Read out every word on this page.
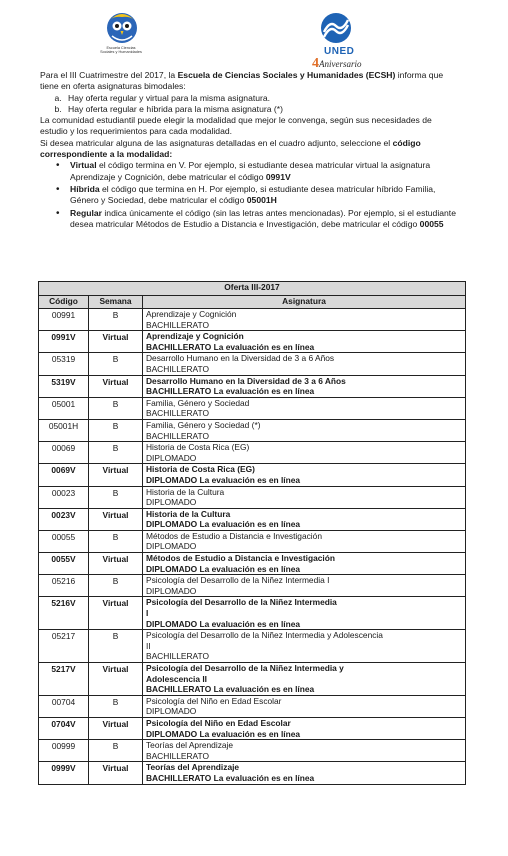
Escuela Ciencias
Sociales y Humanidades	UNED
4Aniversario

Para el III Cuatrimestre del 2017, la Escuela de Ciencias Sociales y Humanidades (ECSH) informa que tiene en oferta asignaturas bimodales:

a. Hay oferta regular y virtual para la misma asignatura.
b. Hay oferta regular e híbrida para la misma asignatura (*)

La comunidad estudiantil puede elegir la modalidad que mejor le convenga, según sus necesidades de estudio y los requerimientos para cada modalidad.

Si desea matricular alguna de las asignaturas detalladas en el cuadro adjunto, seleccione el código correspondiente a la modalidad:

• Virtual el código termina en V. Por ejemplo, si estudiante desea matricular virtual la asignatura Aprendizaje y Cognición, debe matricular el código 0991V
• Híbrida el código que termina en H. Por ejemplo, si estudiante desea matricular híbrido Familia, Género y Sociedad, debe matricular el código 05001H
• Regular indica únicamente el código (sin las letras antes mencionadas). Por ejemplo, si el estudiante desea matricular Métodos de Estudio a Distancia e Investigación, debe matricular el código 00055
Oferta III-2017		
Código	Semana	Asignatura
00991	B	Aprendizaje y Cognición
BACHILLERATO

0991V	Virtual	Aprendizaje y Cognición
BACHILLERATO La evaluación es en línea

05319	B	Desarrollo Humano en la Diversidad de 3 a 6 Años
BACHILLERATO

5319V	Virtual	Desarrollo Humano en la Diversidad de 3 a 6 Años
BACHILLERATO La evaluación es en línea

05001	B	Familia, Género y Sociedad
BACHILLERATO

05001H	B	Familia, Género y Sociedad (*)
BACHILLERATO

00069	B	Historia de Costa Rica (EG)
DIPLOMADO

0069V	Virtual	Historia de Costa Rica (EG)
DIPLOMADO La evaluación es en línea

00023	B	Historia de la Cultura
DIPLOMADO

0023V	Virtual	Historia de la Cultura
DIPLOMADO La evaluación es en línea

00055	B	Métodos de Estudio a Distancia e Investigación
DIPLOMADO

0055V	Virtual	Métodos de Estudio a Distancia e Investigación
DIPLOMADO La evaluación es en línea

05216	B	Psicología del Desarrollo de la Niñez Intermedia I
DIPLOMADO

5216V	Virtual	Psicología del Desarrollo de la Niñez Intermedia
I
DIPLOMADO La evaluación es en línea

05217	B	Psicología del Desarrollo de la Niñez Intermedia y Adolescencia
II
BACHILLERATO

5217V	Virtual	Psicología del Desarrollo de la Niñez Intermedia y
Adolescencia II
BACHILLERATO La evaluación es en línea

00704	B	Psicología del Niño en Edad Escolar
DIPLOMADO

0704V	Virtual	Psicología del Niño en Edad Escolar
DIPLOMADO La evaluación es en línea

00999	B	Teorías del Aprendizaje
BACHILLERATO

0999V	Virtual	Teorías del Aprendizaje
BACHILLERATO La evaluación es en línea
